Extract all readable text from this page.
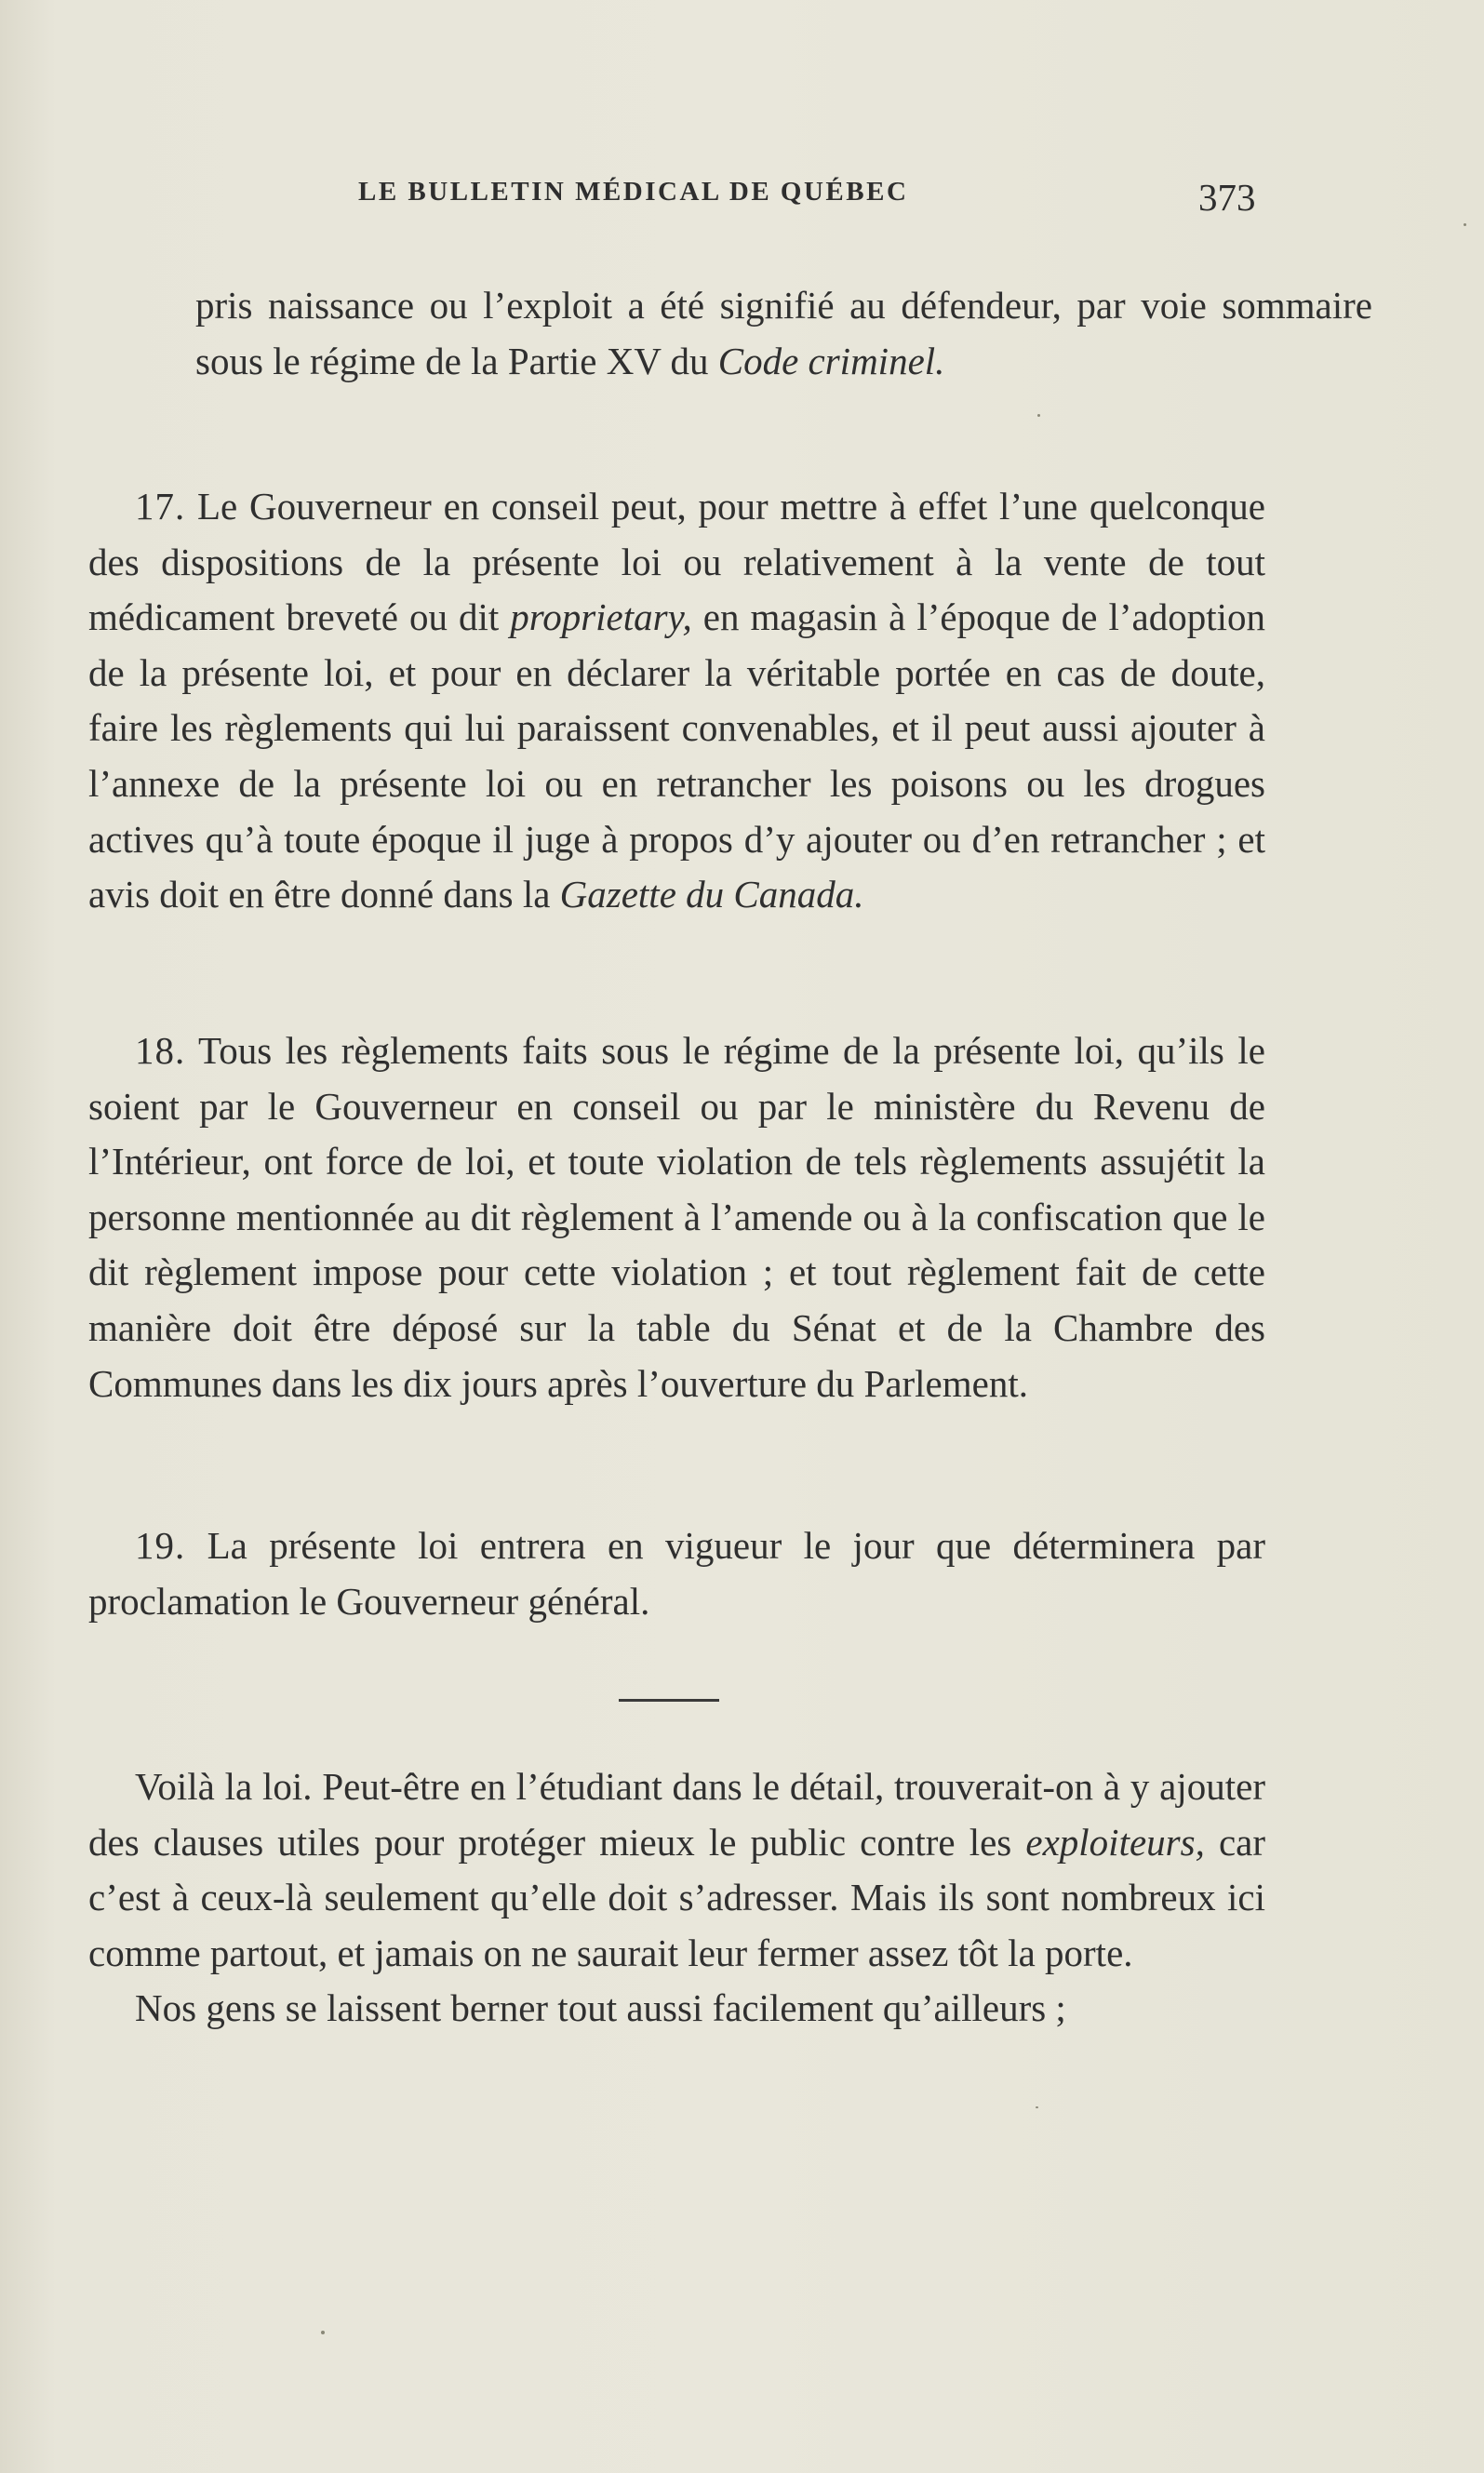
LE BULLETIN MÉDICAL DE QUÉBEC	373

pris naissance ou l’exploit a été signifié au défendeur, par voie sommaire sous le régime de la Partie XV du Code criminel.

17. Le Gouverneur en conseil peut, pour mettre à effet l’une quelconque des dispositions de la présente loi ou relativement à la vente de tout médicament breveté ou dit proprietary, en magasin à l’époque de l’adoption de la présente loi, et pour en déclarer la véritable portée en cas de doute, faire les règlements qui lui paraissent convenables, et il peut aussi ajouter à l’annexe de la présente loi ou en retrancher les poisons ou les drogues actives qu’à toute époque il juge à propos d’y ajouter ou d’en retrancher ; et avis doit en être donné dans la Gazette du Canada.

18. Tous les règlements faits sous le régime de la présente loi, qu’ils le soient par le Gouverneur en conseil ou par le ministère du Revenu de l’Intérieur, ont force de loi, et toute violation de tels règlements assujétit la personne mentionnée au dit règlement à l’amende ou à la confiscation que le dit règlement impose pour cette violation ; et tout règlement fait de cette manière doit être déposé sur la table du Sénat et de la Chambre des Communes dans les dix jours après l’ouverture du Parlement.

19. La présente loi entrera en vigueur le jour que déterminera par proclamation le Gouverneur général.

Voilà la loi. Peut-être en l’étudiant dans le détail, trouverait-on à y ajouter des clauses utiles pour protéger mieux le public contre les exploiteurs, car c’est à ceux-là seulement qu’elle doit s’adresser. Mais ils sont nombreux ici comme partout, et jamais on ne saurait leur fermer assez tôt la porte.

Nos gens se laissent berner tout aussi facilement qu’ailleurs ;
